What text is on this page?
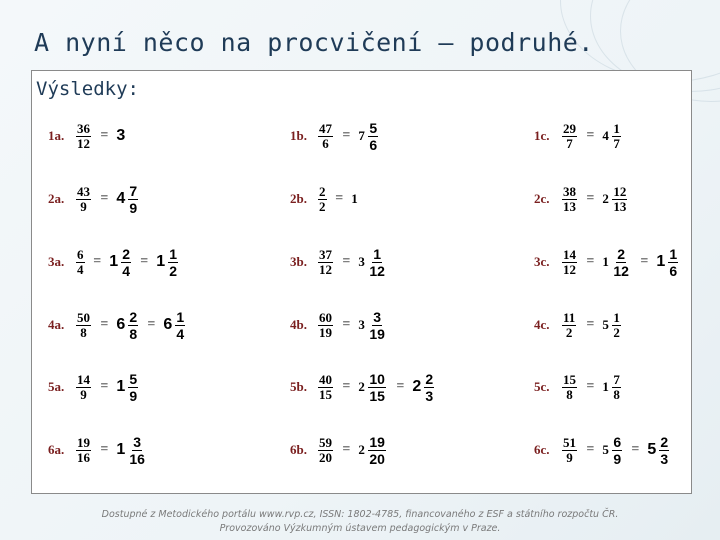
A nyní něco na procvičení – podruhé.
Výsledky:
1a. $\frac{36}{12} = 3$	1b. $\frac{47}{6} = 7 \frac{5}{6}$	1c. $\frac{29}{7} = 4 \frac{1}{7}$
2a. $\frac{43}{9} = 4 \frac{7}{9}$	2b. $\frac{2}{2} = 1$	2c. $\frac{38}{13} = 2 \frac{12}{13}$
3a. $\frac{6}{4} = 1 \frac{2}{4} = 1 \frac{1}{2}$	3b. $\frac{37}{12} = 3 \frac{1}{12}$	3c. $\frac{14}{12} = 1 \frac{2}{12} = 1 \frac{1}{6}$
4a. $\frac{50}{8} = 6 \frac{2}{8} = 6 \frac{1}{4}$	4b. $\frac{60}{19} = 3 \frac{3}{19}$	4c. $\frac{11}{2} = 5 \frac{1}{2}$
5a. $\frac{14}{9} = 1 \frac{5}{9}$	5b. $\frac{40}{15} = 2 \frac{10}{15} = 2 \frac{2}{3}$	5c. $\frac{15}{8} = 1 \frac{7}{8}$
6a. $\frac{19}{16} = 1 \frac{3}{16}$	6b. $\frac{59}{20} = 2 \frac{19}{20}$	6c. $\frac{51}{9} = 5 \frac{6}{9} = 5 \frac{2}{3}$
Dostupné z Metodického portálu www.rvp.cz, ISSN: 1802-4785, financovaného z ESF a státního rozpočtu ČR.
Provozováno Výzkumným ústavem pedagogickým v Praze.
